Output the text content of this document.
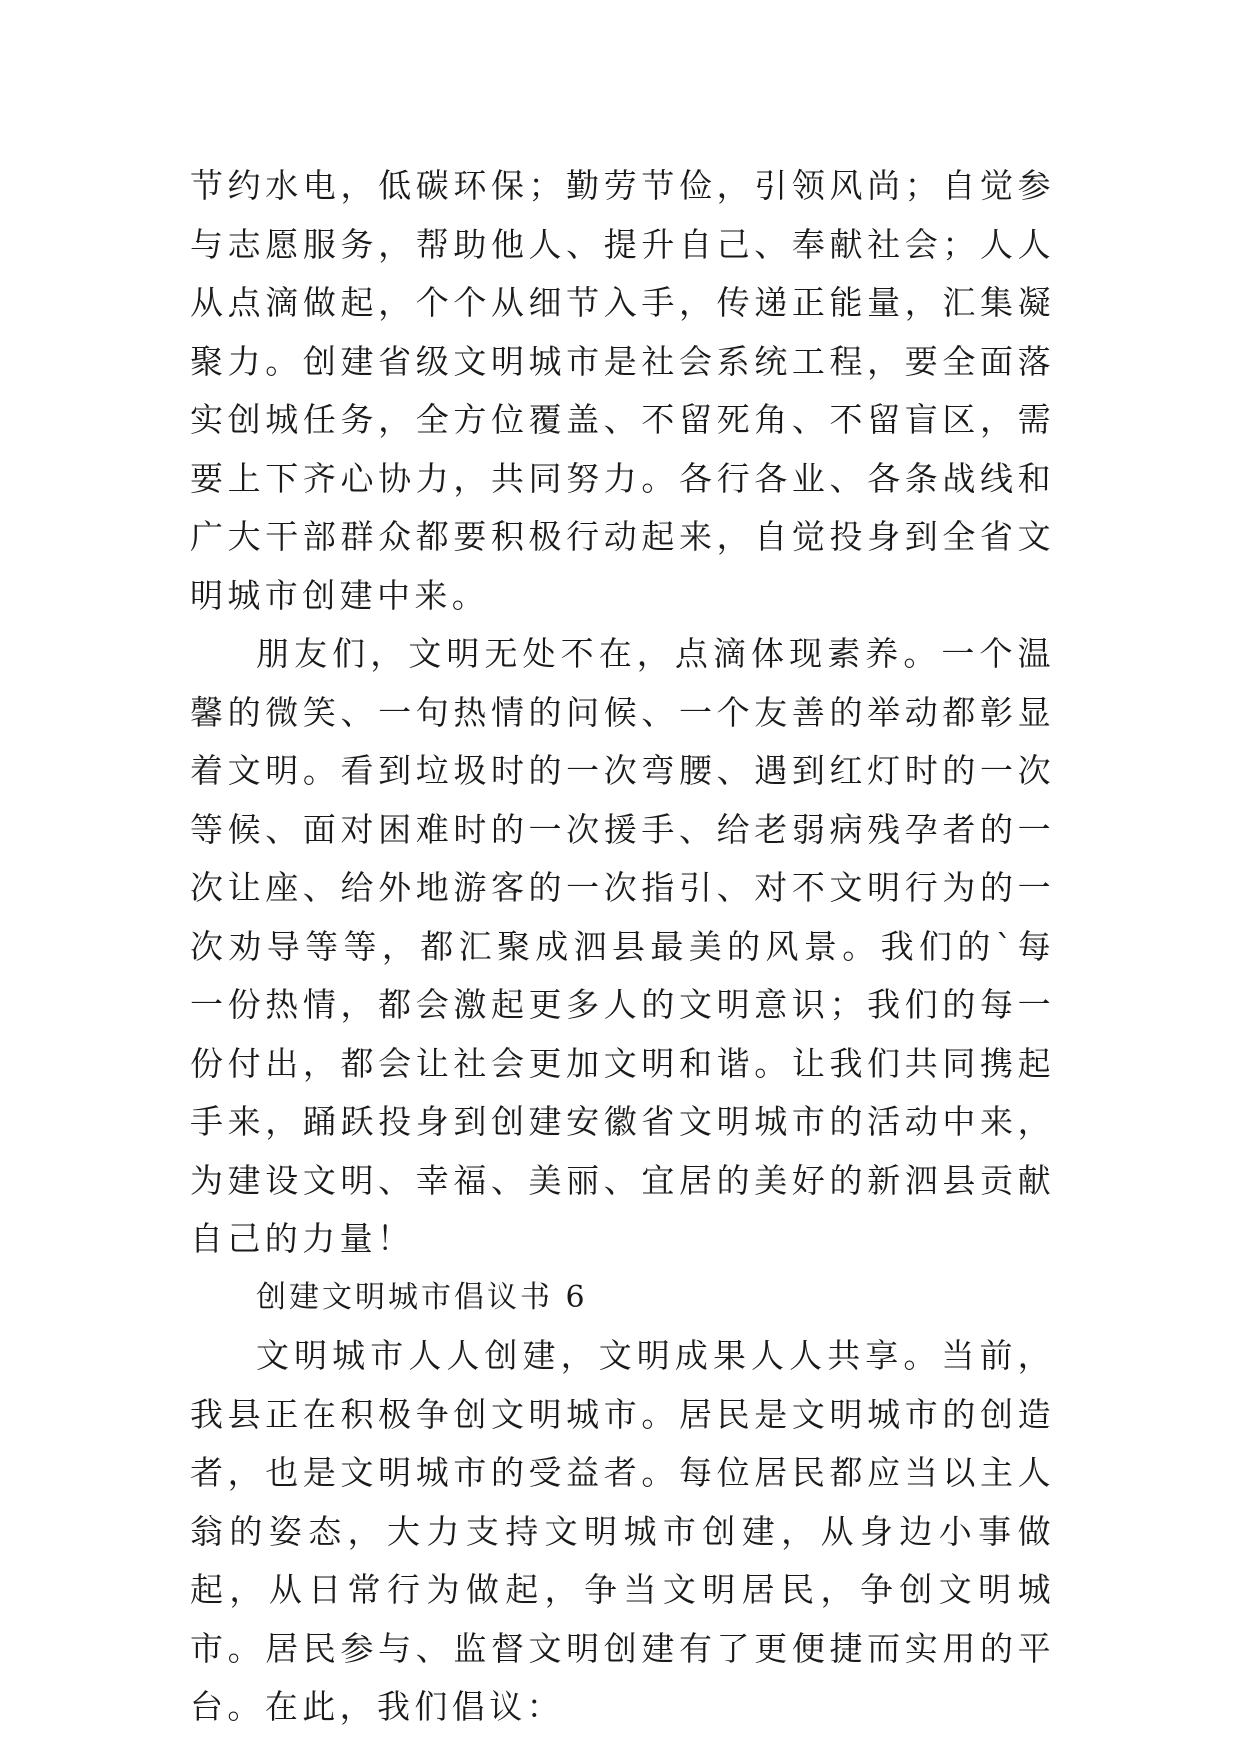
节约水电，低碳环保；勤劳节俭，引领风尚；自觉参与志愿服务，帮助他人、提升自己、奉献社会；人人从点滴做起，个个从细节入手，传递正能量，汇集凝聚力。创建省级文明城市是社会系统工程，要全面落实创城任务，全方位覆盖、不留死角、不留盲区，需要上下齐心协力，共同努力。各行各业、各条战线和广大干部群众都要积极行动起来，自觉投身到全省文明城市创建中来。

朋友们，文明无处不在，点滴体现素养。一个温馨的微笑、一句热情的问候、一个友善的举动都彰显着文明。看到垃圾时的一次弯腰、遇到红灯时的一次等候、面对困难时的一次援手、给老弱病残孕者的一次让座、给外地游客的一次指引、对不文明行为的一次劝导等等，都汇聚成泗县最美的风景。我们的`每一份热情，都会激起更多人的文明意识；我们的每一份付出，都会让社会更加文明和谐。让我们共同携起手来，踊跃投身到创建安徽省文明城市的活动中来，为建设文明、幸福、美丽、宜居的美好的新泗县贡献自己的力量！

创建文明城市倡议书 6

文明城市人人创建，文明成果人人共享。当前，我县正在积极争创文明城市。居民是文明城市的创造者，也是文明城市的受益者。每位居民都应当以主人翁的姿态，大力支持文明城市创建，从身边小事做起，从日常行为做起，争当文明居民，争创文明城市。居民参与、监督文明创建有了更便捷而实用的平台。在此，我们倡议：
